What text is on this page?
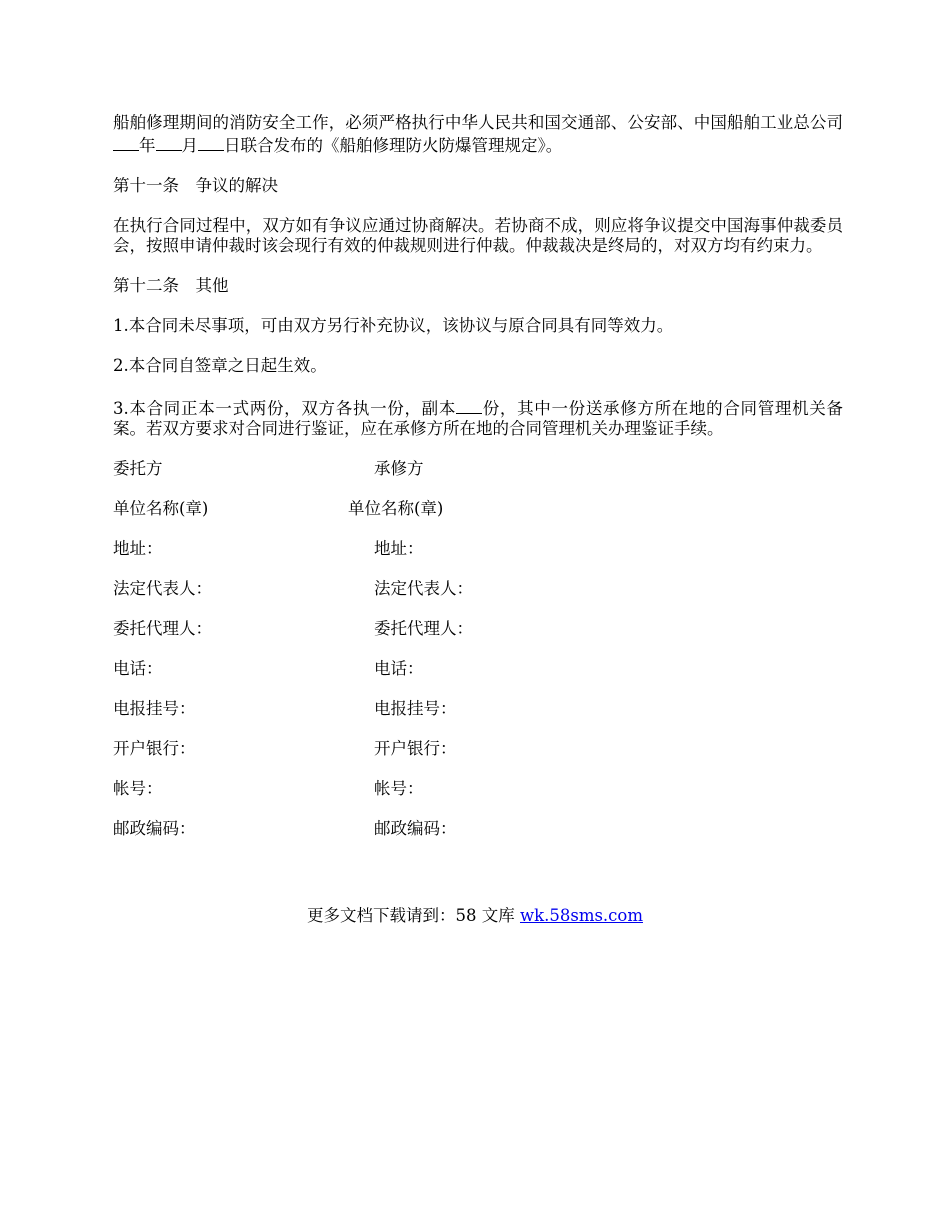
船舶修理期间的消防安全工作，必须严格执行中华人民共和国交通部、公安部、中国船舶工业总公司年 月 日联合发布的《船舶修理防火防爆管理规定》。

第十一条　争议的解决

在执行合同过程中，双方如有争议应通过协商解决。若协商不成，则应将争议提交中国海事仲裁委员会，按照申请仲裁时该会现行有效的仲裁规则进行仲裁。仲裁裁决是终局的，对双方均有约束力。

第十二条　其他

1.本合同未尽事项，可由双方另行补充协议，该协议与原合同具有同等效力。

2.本合同自签章之日起生效。

3.本合同正本一式两份，双方各执一份，副本 份，其中一份送承修方所在地的合同管理机关备案。若双方要求对合同进行鉴证，应在承修方所在地的合同管理机关办理鉴证手续。

委托方	承修方
单位名称(章)	单位名称(章)
地址：	地址：
法定代表人：	法定代表人：
委托代理人：	委托代理人：
电话：	电话：
电报挂号：	电报挂号：
开户银行：	开户银行：
帐号：	帐号：
邮政编码：	邮政编码：
更多文档下载请到：58 文库 wk.58sms.com
